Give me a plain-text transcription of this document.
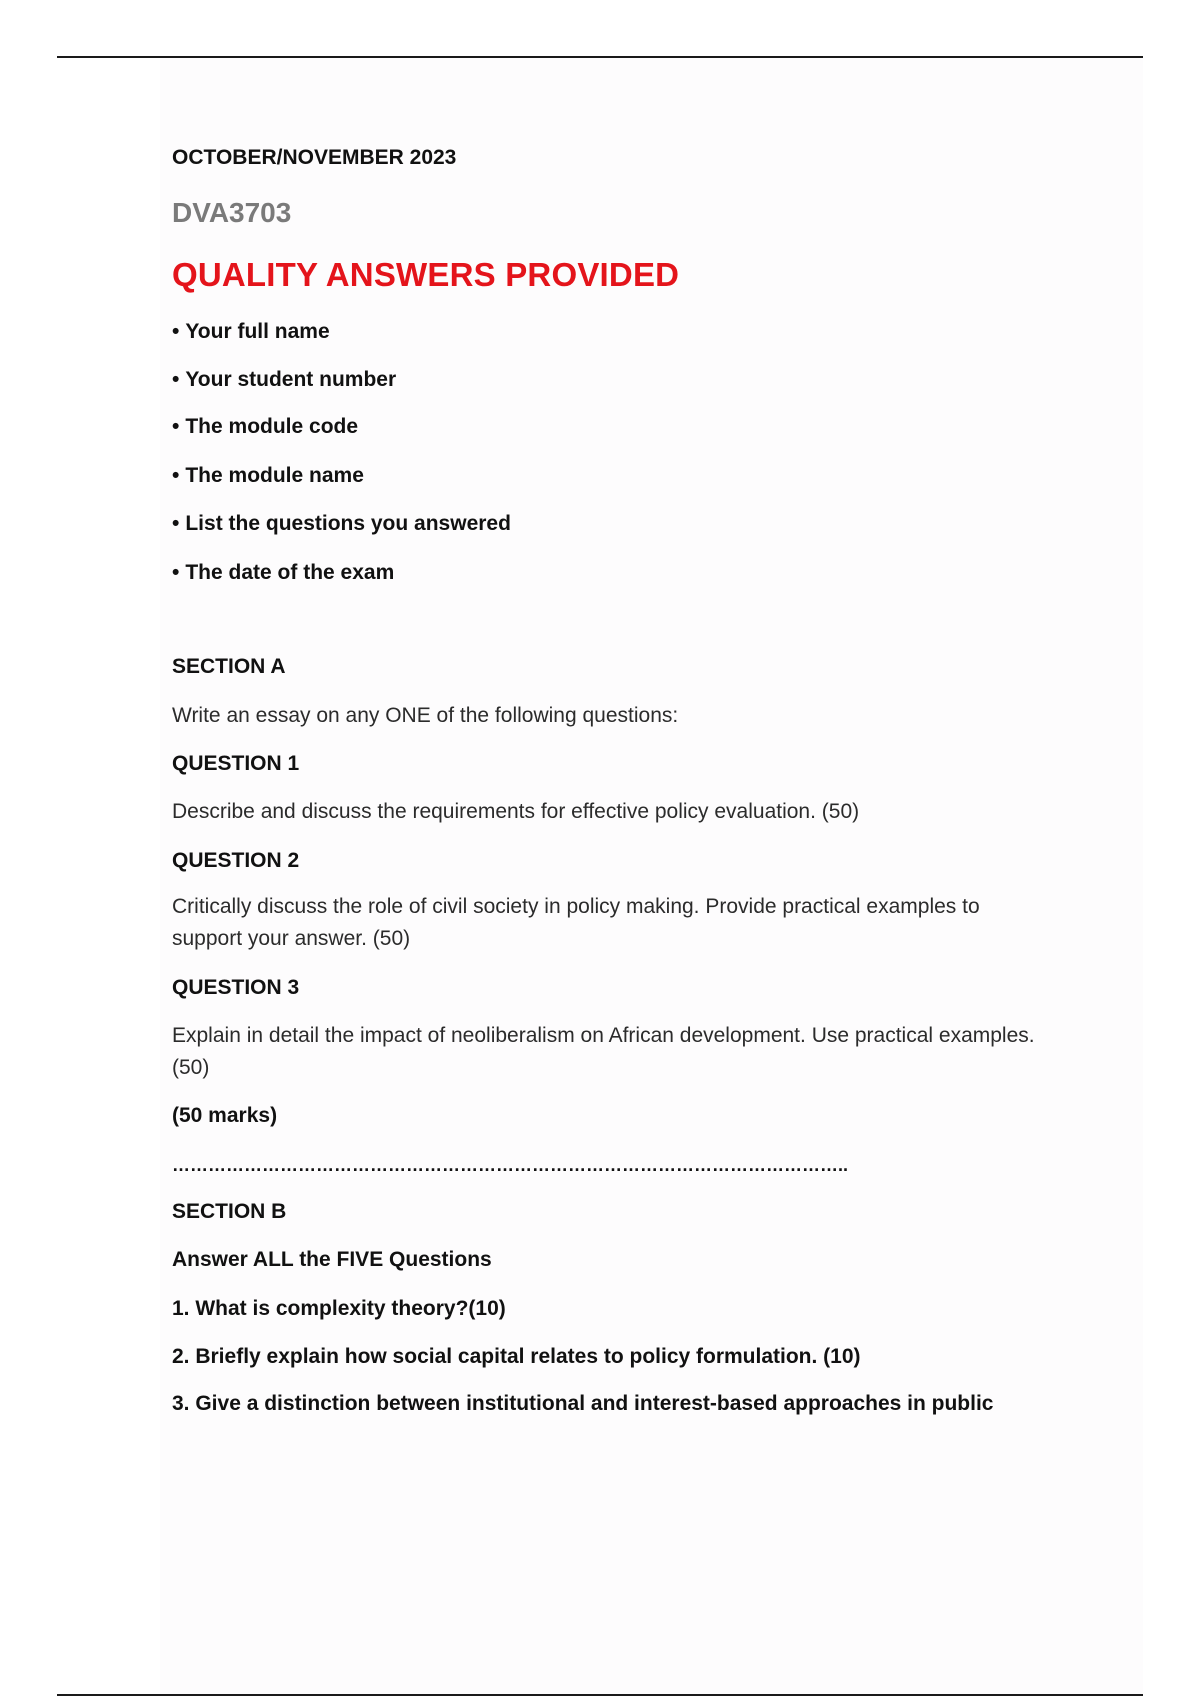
OCTOBER/NOVEMBER 2023

DVA3703

QUALITY ANSWERS PROVIDED

• Your full name

• Your student number

• The module code

• The module name

• List the questions you answered

• The date of the exam

SECTION A

Write an essay on any ONE of the following questions:

QUESTION 1

Describe and discuss the requirements for effective policy evaluation. (50)

QUESTION 2

Critically discuss the role of civil society in policy making. Provide practical examples to support your answer. (50)

QUESTION 3

Explain in detail the impact of neoliberalism on African development. Use practical examples.(50)

(50 marks)

…………………………………………………………………………………………………..

SECTION B

Answer ALL the FIVE Questions

1. What is complexity theory?(10)

2. Briefly explain how social capital relates to policy formulation. (10)

3. Give a distinction between institutional and interest-based approaches in public
